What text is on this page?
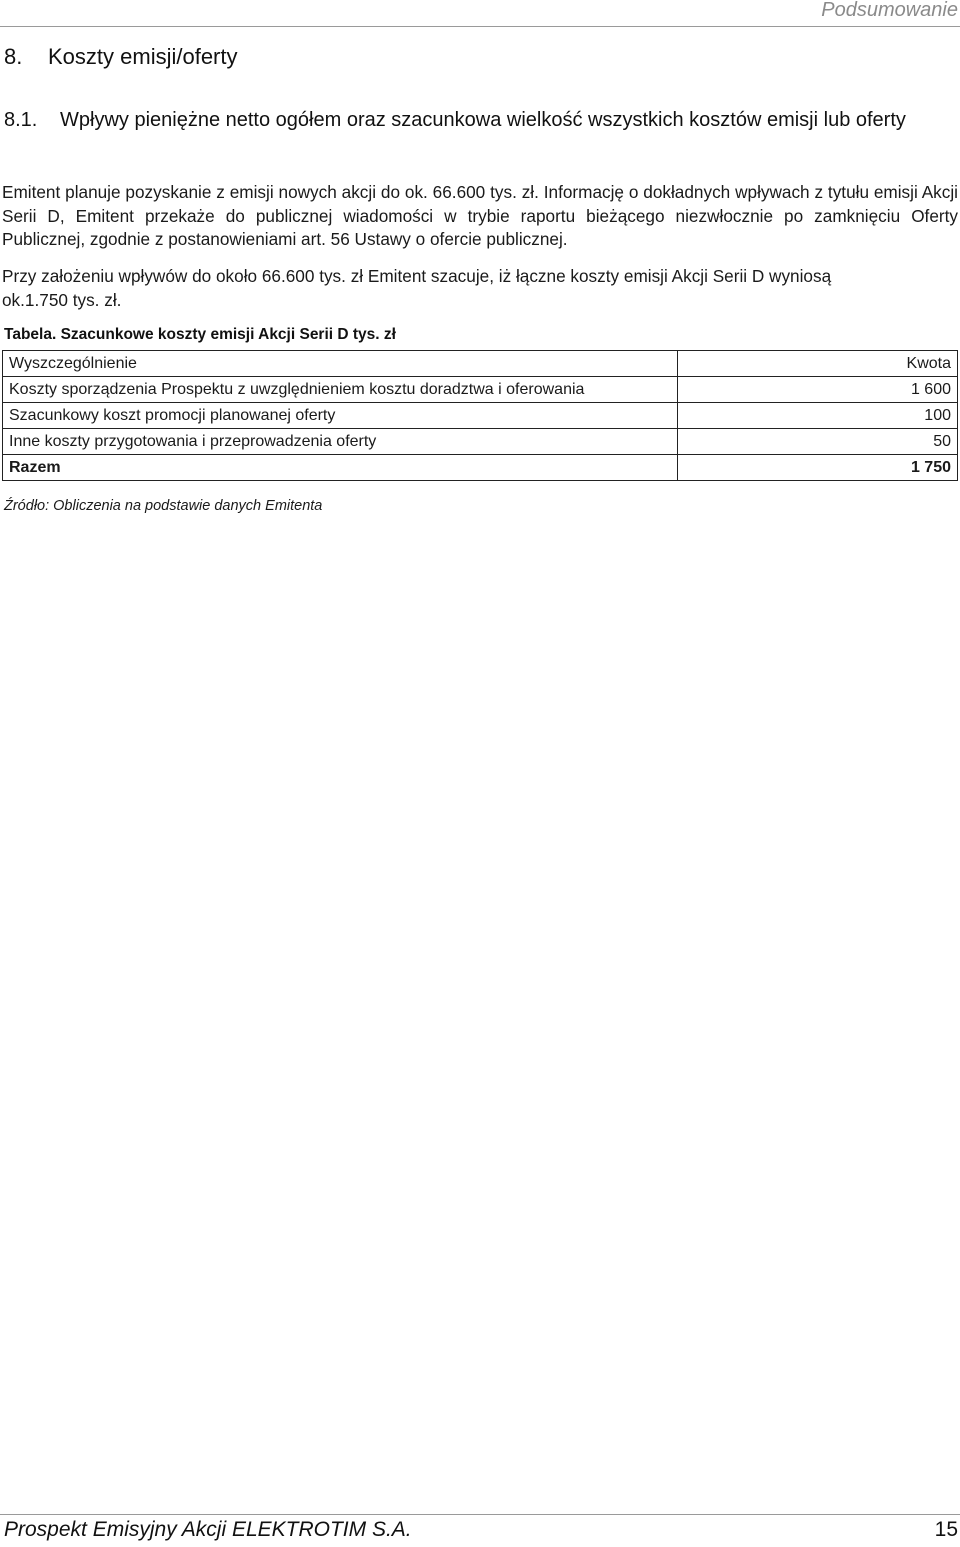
Podsumowanie

8. Koszty emisji/oferty
8.1.	Wpływy pieniężne netto ogółem oraz szacunkowa wielkość wszystkich kosztów emisji lub oferty

Emitent planuje pozyskanie z emisji nowych akcji do ok. 66.600 tys. zł. Informację o dokładnych wpływach z tytułu emisji Akcji Serii D, Emitent przekaże do publicznej wiadomości w trybie raportu bieżącego niezwłocznie po zamknięciu Oferty Publicznej, zgodnie z postanowieniami art. 56 Ustawy o ofercie publicznej.

Przy założeniu wpływów do około 66.600 tys. zł Emitent szacuje, iż łączne koszty emisji Akcji Serii D wyniosą
ok.1.750 tys. zł.

Tabela. Szacunkowe koszty emisji Akcji Serii D tys. zł

Wyszczególnienie	Kwota
Koszty sporządzenia Prospektu z uwzględnieniem kosztu doradztwa i oferowania	1 600
Szacunkowy koszt promocji planowanej oferty	100
Inne koszty przygotowania i przeprowadzenia oferty	50
Razem	1 750

Źródło: Obliczenia na podstawie danych Emitenta

Prospekt Emisyjny Akcji ELEKTROTIM S.A.	15
